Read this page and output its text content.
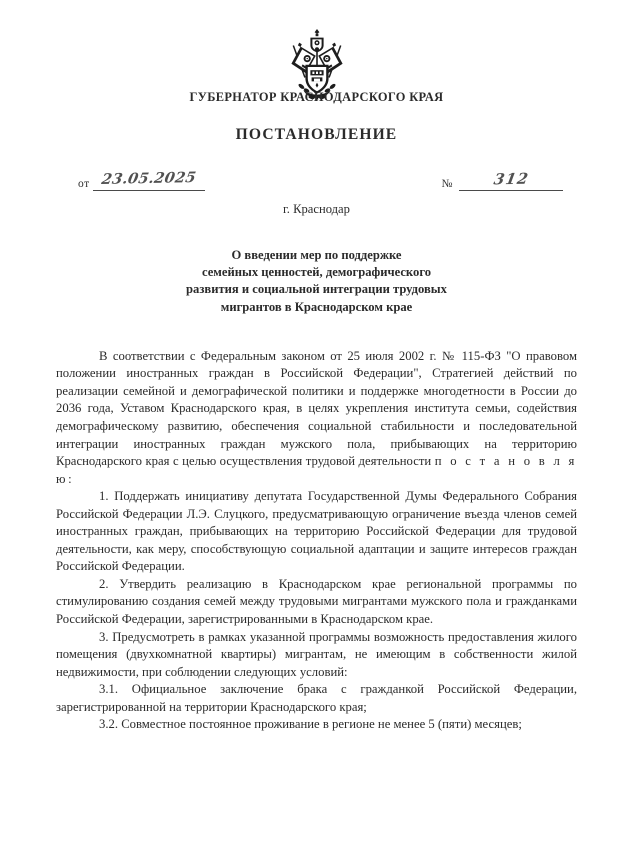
ГУБЕРНАТОР КРАСНОДАРСКОГО КРАЯ
ПОСТАНОВЛЕНИЕ
от 23.05.2025	№	312
г. Краснодар
О введении мер по поддержке
семейных ценностей, демографического
развития и социальной интеграции трудовых
мигрантов в Краснодарском крае

В соответствии с Федеральным законом от 25 июля 2002 г. № 115-ФЗ "О правовом положении иностранных граждан в Российской Федерации", Стратегией действий по реализации семейной и демографической политики и поддержке многодетности в России до 2036 года, Уставом Краснодарского края, в целях укрепления института семьи, содействия демографическому развитию, обеспечения социальной стабильности и последовательной интеграции иностранных граждан мужского пола, прибывающих на территорию Краснодарского края с целью осуществления трудовой деятельности п о с т а н о в л я ю:

1. Поддержать инициативу депутата Государственной Думы Федерального Собрания Российской Федерации Л.Э. Слуцкого, предусматривающую ограничение въезда членов семей иностранных граждан, прибывающих на территорию Российской Федерации для трудовой деятельности, как меру, способствующую социальной адаптации и защите интересов граждан Российской Федерации.

2. Утвердить реализацию в Краснодарском крае региональной программы по стимулированию создания семей между трудовыми мигрантами мужского пола и гражданками Российской Федерации, зарегистрированными в Краснодарском крае.

3. Предусмотреть в рамках указанной программы возможность предоставления жилого помещения (двухкомнатной квартиры) мигрантам, не имеющим в собственности жилой недвижимости, при соблюдении следующих условий:

3.1. Официальное заключение брака с гражданкой Российской Федерации, зарегистрированной на территории Краснодарского края;

3.2. Совместное постоянное проживание в регионе не менее 5 (пяти) месяцев;
